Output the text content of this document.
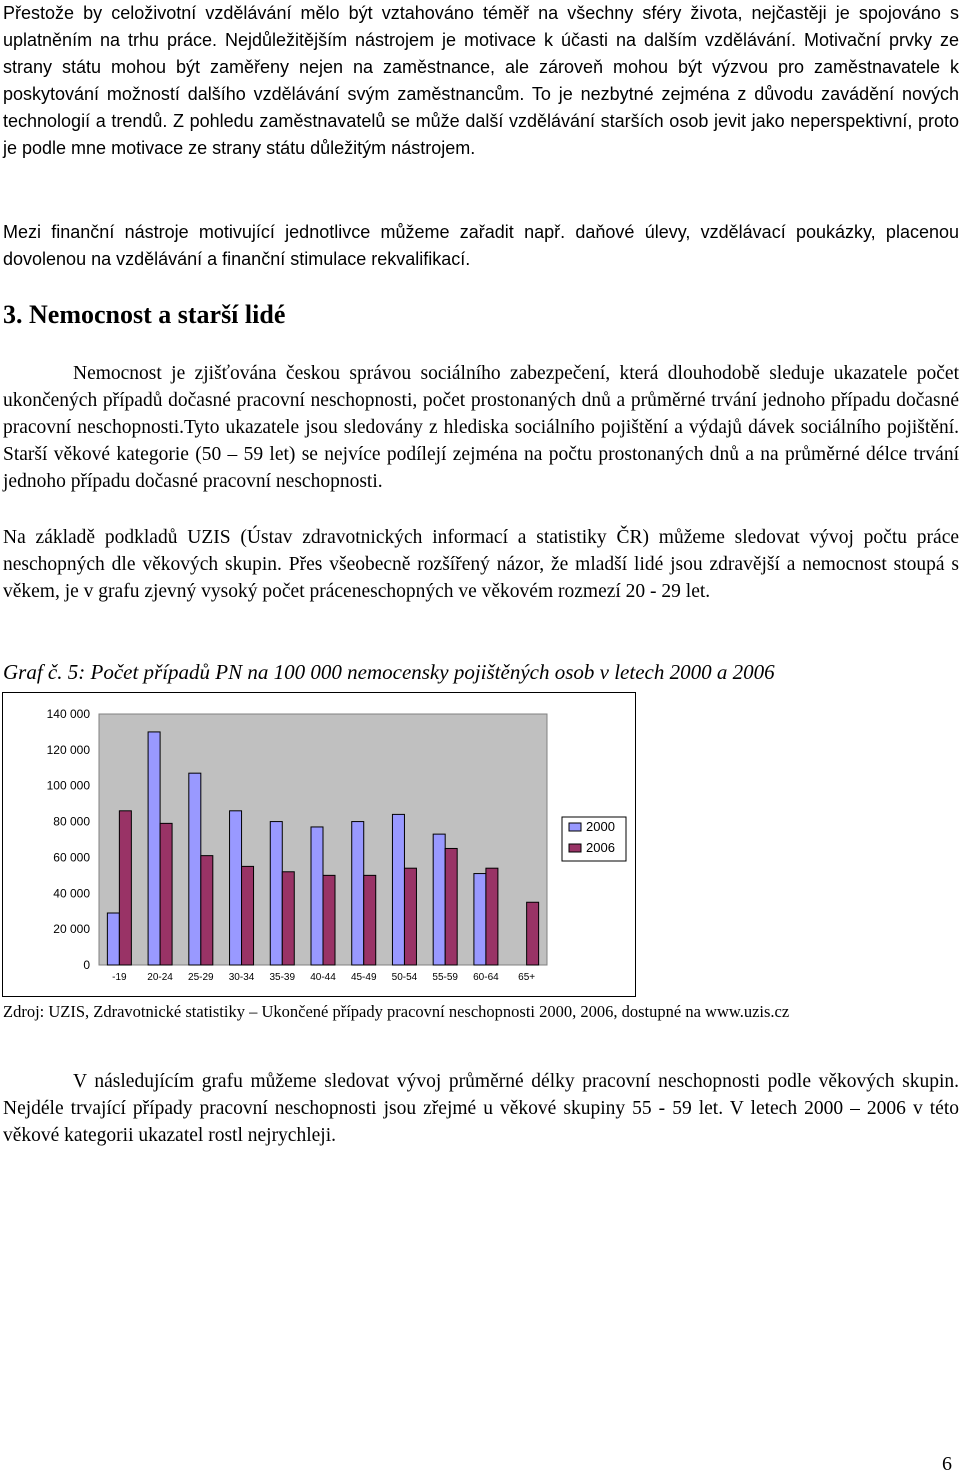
Přestože by celoživotní vzdělávání mělo být vztahováno téměř na všechny sféry života, nejčastěji je spojováno s uplatněním na trhu práce. Nejdůležitějším nástrojem je motivace k účasti na dalším vzdělávání. Motivační prvky ze strany státu mohou být zaměřeny nejen na zaměstnance, ale zároveň mohou být výzvou pro zaměstnavatele k poskytování možností dalšího vzdělávání svým zaměstnancům. To je nezbytné zejména z důvodu zavádění nových technologií a trendů. Z pohledu zaměstnavatelů se může další vzdělávání starších osob jevit jako neperspektivní, proto je podle mne motivace ze strany státu důležitým nástrojem.

Mezi finanční nástroje motivující jednotlivce můžeme zařadit např. daňové úlevy, vzdělávací poukázky, placenou dovolenou na vzdělávání a finanční stimulace rekvalifikací.

3. Nemocnost a starší lidé

Nemocnost je zjišťována českou správou sociálního zabezpečení, která dlouhodobě sleduje ukazatele počet ukončených případů dočasné pracovní neschopnosti, počet prostonaných dnů a průměrné trvání jednoho případu dočasné pracovní neschopnosti.Tyto ukazatele jsou sledovány z hlediska sociálního pojištění a výdajů dávek sociálního pojištění. Starší věkové kategorie (50 – 59 let) se nejvíce podílejí zejména na počtu prostonaných dnů a na průměrné délce trvání jednoho případu dočasné pracovní neschopnosti.

Na základě podkladů UZIS (Ústav zdravotnických informací a statistiky ČR) můžeme sledovat vývoj počtu práce neschopných dle věkových skupin. Přes všeobecně rozšířený názor, že mladší lidé jsou zdravější a nemocnost stoupá s věkem, je v grafu zjevný vysoký počet práceneschopných ve věkovém rozmezí 20 - 29 let.

Graf č. 5: Počet případů PN na 100 000 nemocensky pojištěných osob v letech 2000 a 2006

140 000
120 000
100 000
80 000
60 000
40 000
20 000
0
-19 20-24 25-29 30-34 35-39 40-44 45-49 50-54 55-59 60-64 65+
2000
2006

Zdroj: UZIS, Zdravotnické statistiky – Ukončené případy pracovní neschopnosti 2000, 2006, dostupné na www.uzis.cz

V následujícím grafu můžeme sledovat vývoj průměrné délky pracovní neschopnosti podle věkových skupin. Nejdéle trvající případy pracovní neschopnosti jsou zřejmé u věkové skupiny 55 - 59 let. V letech 2000 – 2006 v této věkové kategorii ukazatel rostl nejrychleji.

6
